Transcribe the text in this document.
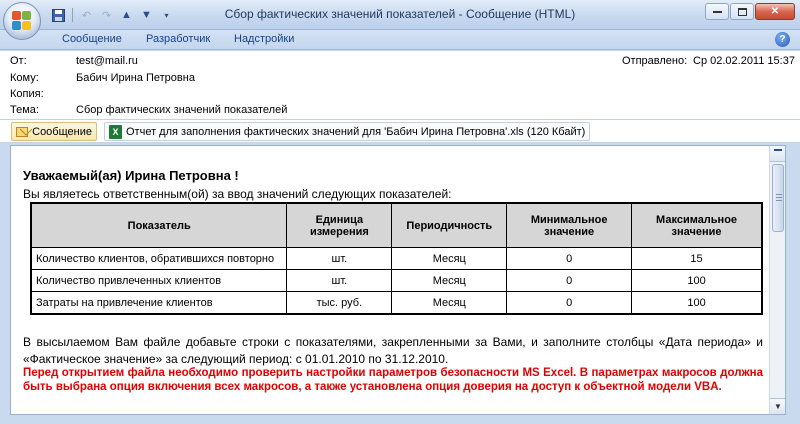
↶ ↷ ▲ ▼	▾	Сбор фактических значений показателей - Сообщение (HTML)	✕
Сообщение Разработчик Надстройки	?
От:	test@mail.ru	Отправлено: Ср 02.02.2011 15:37
Кому:	Бабич Ирина Петровна
Копия:
Тема:	Сбор фактических значений показателей
Сообщение	X Отчет для заполнения фактических значений для 'Бабич Ирина Петровна'.xls (120 Кбайт)
Уважаемый(ая) Ирина Петровна !
Вы являетесь ответственным(ой) за ввод значений следующих показателей:
Показатель	Единица измерения	Периодичность	Минимальное значение	Максимальное значение
Количество клиентов, обратившихся повторно	шт.	Месяц	0	15
Количество привлеченных клиентов	шт.	Месяц	0	100
Затраты на привлечение клиентов	тыс. руб.	Месяц	0	100
В высылаемом Вам файле добавьте строки с показателями, закрепленными за Вами, и заполните столбцы «Дата периода» и «Фактическое значение» за следующий период: с 01.01.2010 по 31.12.2010.
Перед открытием файла необходимо проверить настройки параметров безопасности MS Excel. В параметрах макросов должна быть выбрана опция включения всех макросов, а также установлена опция доверия на доступ к объектной модели VBA.
▼
